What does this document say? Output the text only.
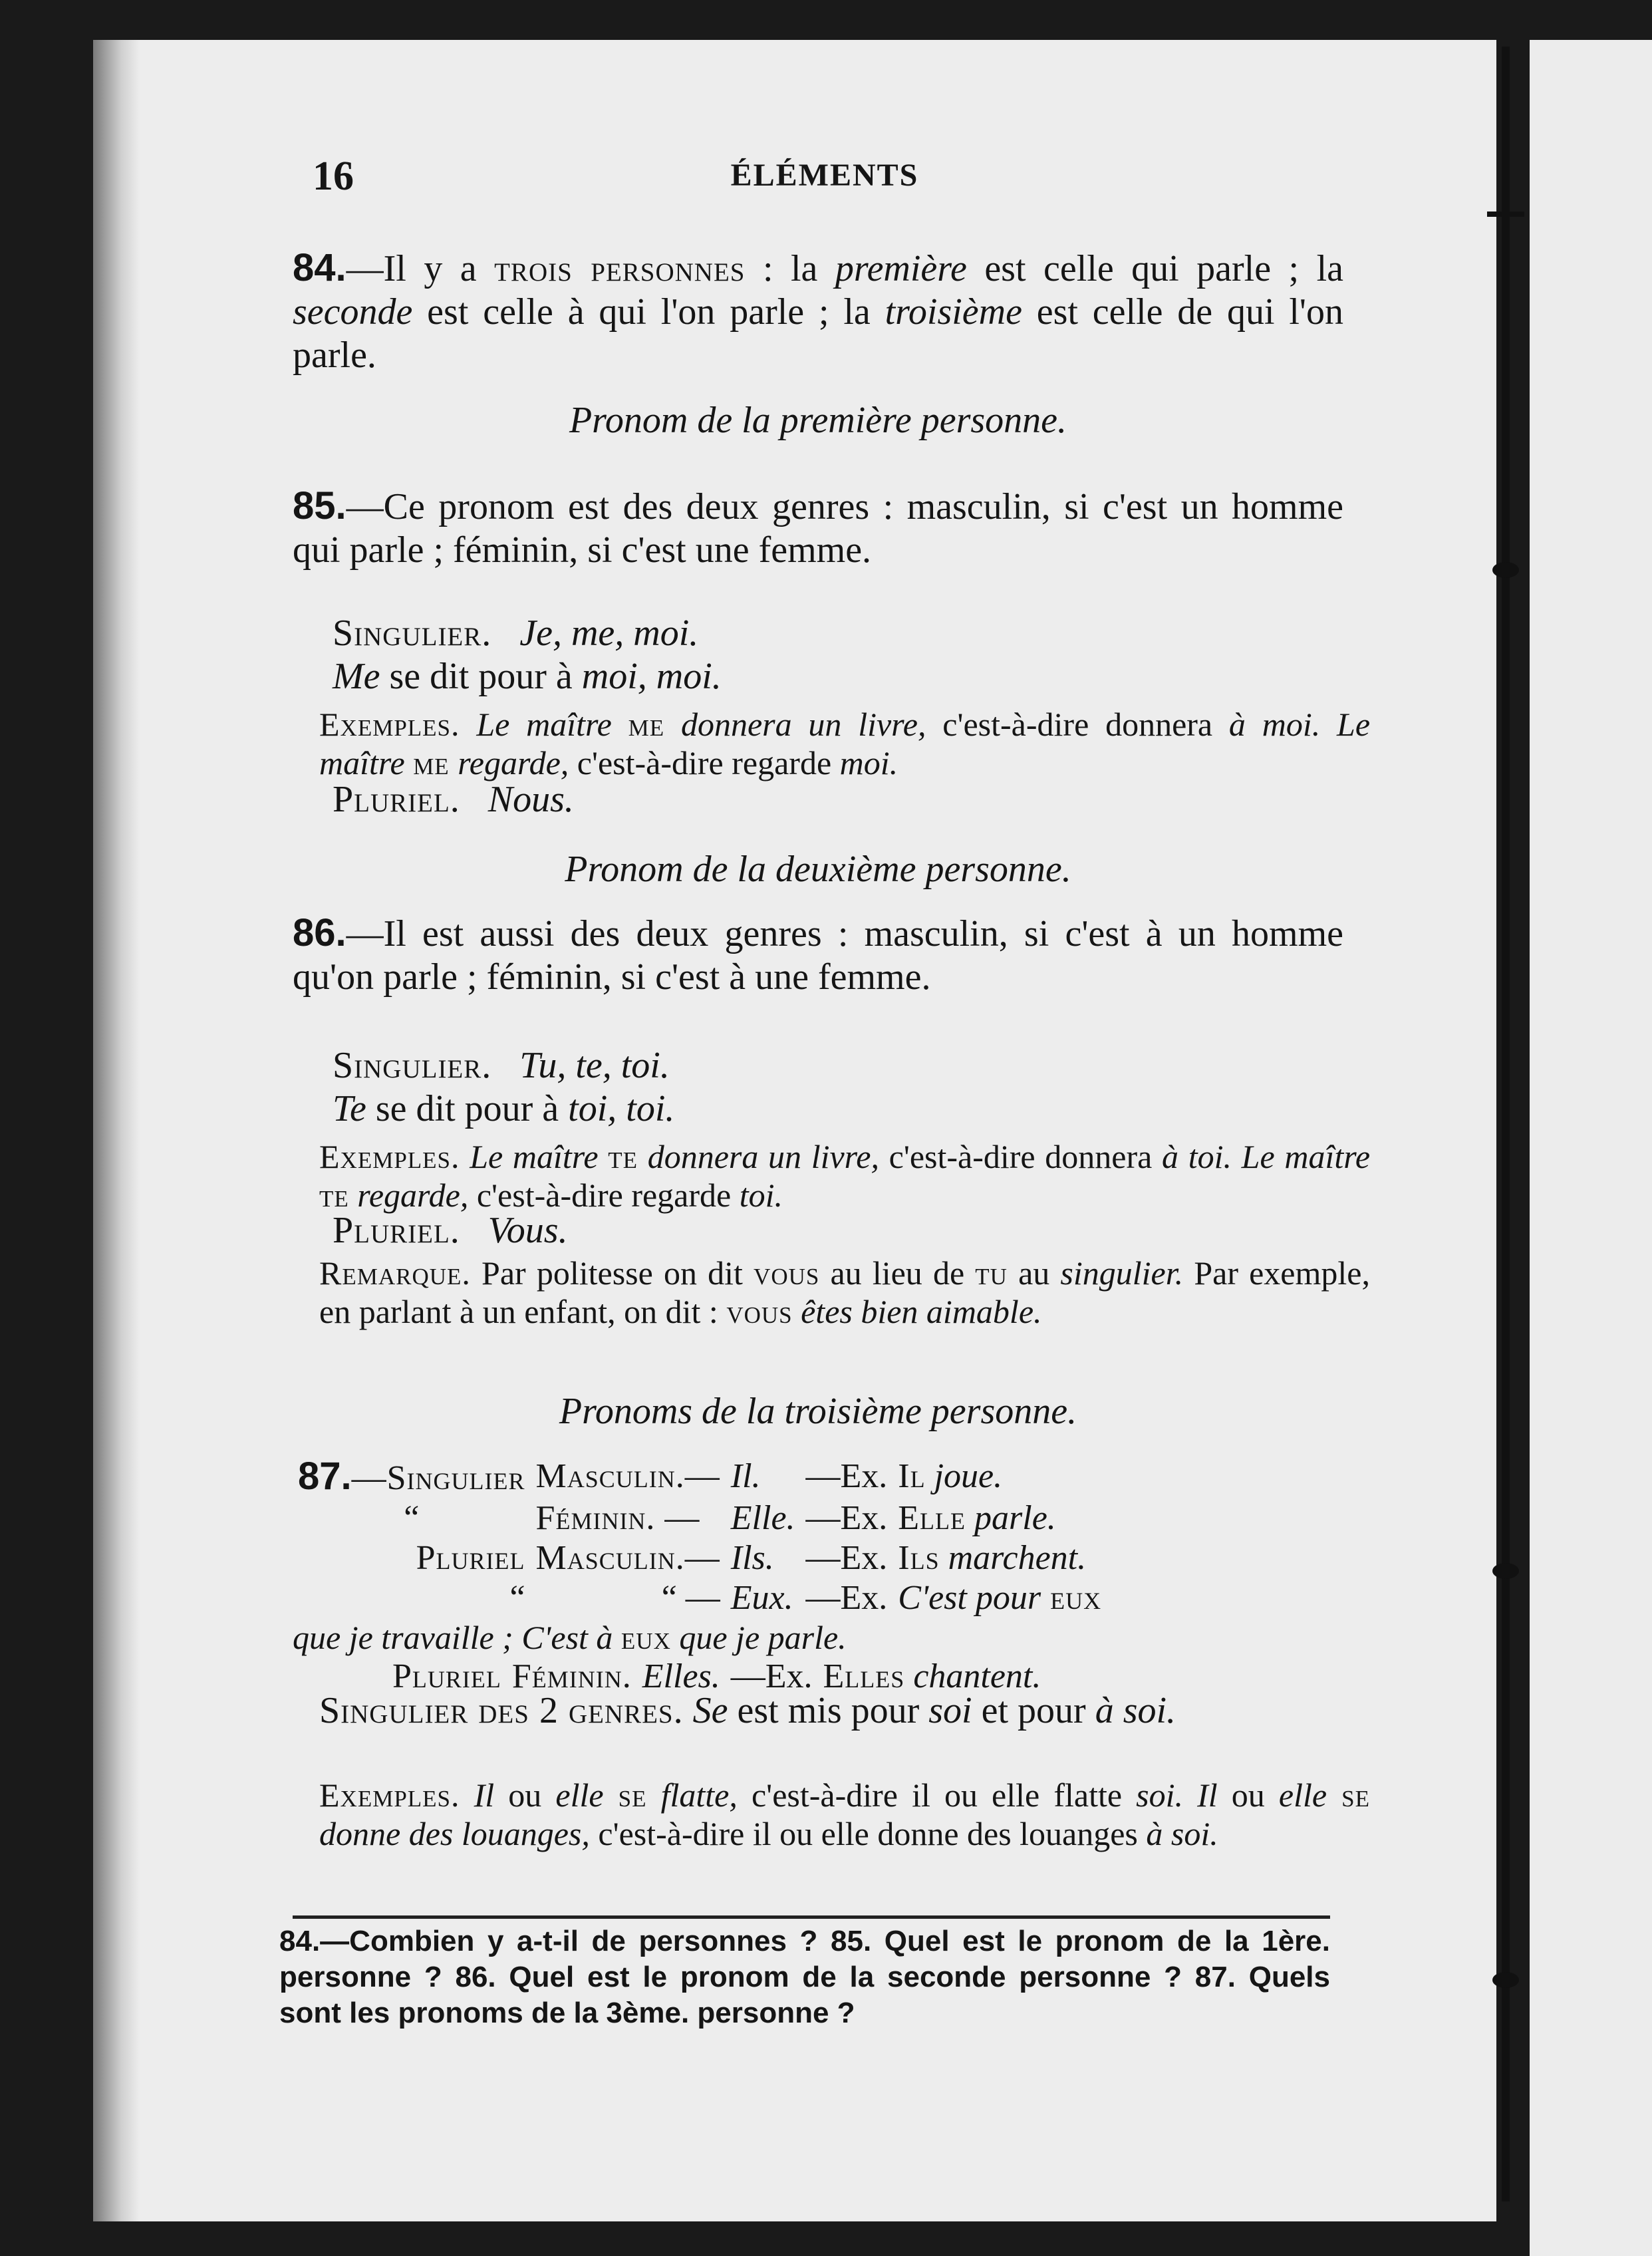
16	ÉLÉMENTS

84.—Il y a trois personnes : la première est celle qui parle ; la seconde est celle à qui l'on parle ; la troisième est celle de qui l'on parle.

Pronom de la première personne.

85.—Ce pronom est des deux genres : masculin, si c'est un homme qui parle ; féminin, si c'est une femme.

Singulier. Je, me, moi.
Me se dit pour à moi, moi.

Exemples. Le maître me donnera un livre, c'est-à-dire donnera à moi. Le maître me regarde, c'est-à-dire regarde moi.

Pluriel. Nous.

Pronom de la deuxième personne.

86.—Il est aussi des deux genres : masculin, si c'est à un homme qu'on parle ; féminin, si c'est à une femme.

Singulier. Tu, te, toi.
Te se dit pour à toi, toi.

Exemples. Le maître te donnera un livre, c'est-à-dire donnera à toi. Le maître te regarde, c'est-à-dire regarde toi.

Pluriel. Vous.

Remarque. Par politesse on dit vous au lieu de tu au singulier. Par exemple, en parlant à un enfant, on dit : vous êtes bien aimable.

Pronoms de la troisième personne.

87.—Singulier	Masculin.—	Il.	—Ex.	Il joue.
“	Féminin. —	Elle.	—Ex.	Elle parle.
Pluriel	Masculin.—	Ils.	—Ex.	Ils marchent.
“	“ —	Eux.	—Ex.	C'est pour eux
que je travaille ; C'est à eux que je parle.
Pluriel	Féminin.	Elles.	—Ex.	Elles chantent.

Singulier des 2 genres. Se est mis pour soi et pour à soi.

Exemples. Il ou elle se flatte, c'est-à-dire il ou elle flatte soi. Il ou elle se donne des louanges, c'est-à-dire il ou elle donne des louanges à soi.

84.—Combien y a-t-il de personnes ? 85. Quel est le pronom de la 1ère. personne ? 86. Quel est le pronom de la seconde personne ? 87. Quels sont les pronoms de la 3ème. personne ?
